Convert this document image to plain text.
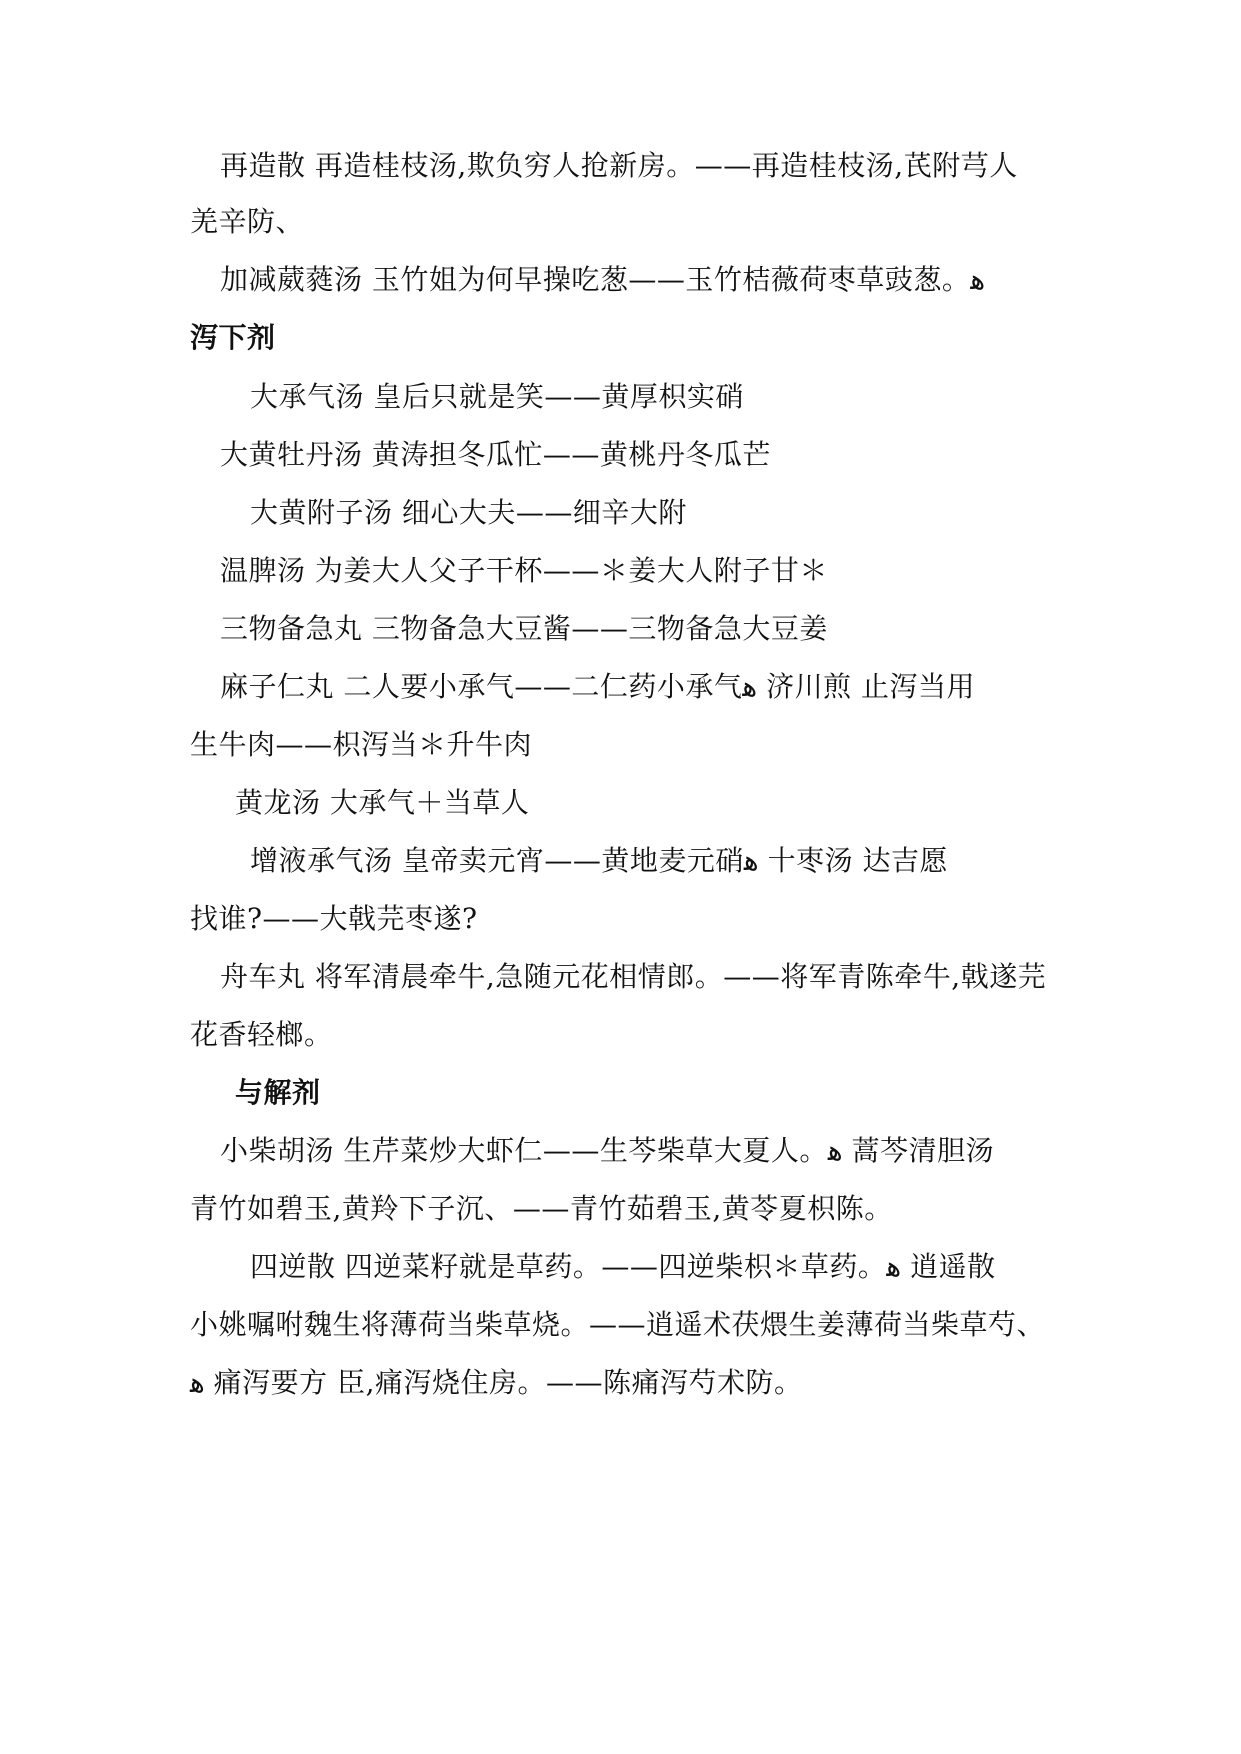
再造散 再造桂枝汤,欺负穷人抢新房。——再造桂枝汤,芪附芎人
羌辛防、
加减葳蕤汤 玉竹姐为何早操吃葱——玉竹桔薇荷枣草豉葱。ﻫ
泻下剂
大承气汤 皇后只就是笑——黄厚枳实硝
大黄牡丹汤 黄涛担冬瓜忙——黄桃丹冬瓜芒
大黄附子汤 细心大夫——细辛大附
温脾汤 为姜大人父子干杯——＊姜大人附子甘＊
三物备急丸 三物备急大豆酱——三物备急大豆姜
麻子仁丸 二人要小承气——二仁药小承气ﻫ 济川煎 止泻当用
生牛肉——枳泻当＊升牛肉
黄龙汤 大承气＋当草人
增液承气汤 皇帝卖元宵——黄地麦元硝ﻫ 十枣汤 达吉愿
找谁?——大戟芫枣遂?
舟车丸 将军清晨牵牛,急随元花相情郎。——将军青陈牵牛,戟遂芫
花香轻榔。
与解剂
小柴胡汤 生芹菜炒大虾仁——生芩柴草大夏人。ﻫ 蒿芩清胆汤
青竹如碧玉,黄羚下子沉、——青竹茹碧玉,黄苓夏枳陈。
四逆散 四逆菜籽就是草药。——四逆柴枳＊草药。ﻫ 逍遥散
小姚嘱咐魏生将薄荷当柴草烧。——逍遥术茯煨生姜薄荷当柴草芍、
ﻫ 痛泻要方 臣,痛泻烧住房。——陈痛泻芍术防。
